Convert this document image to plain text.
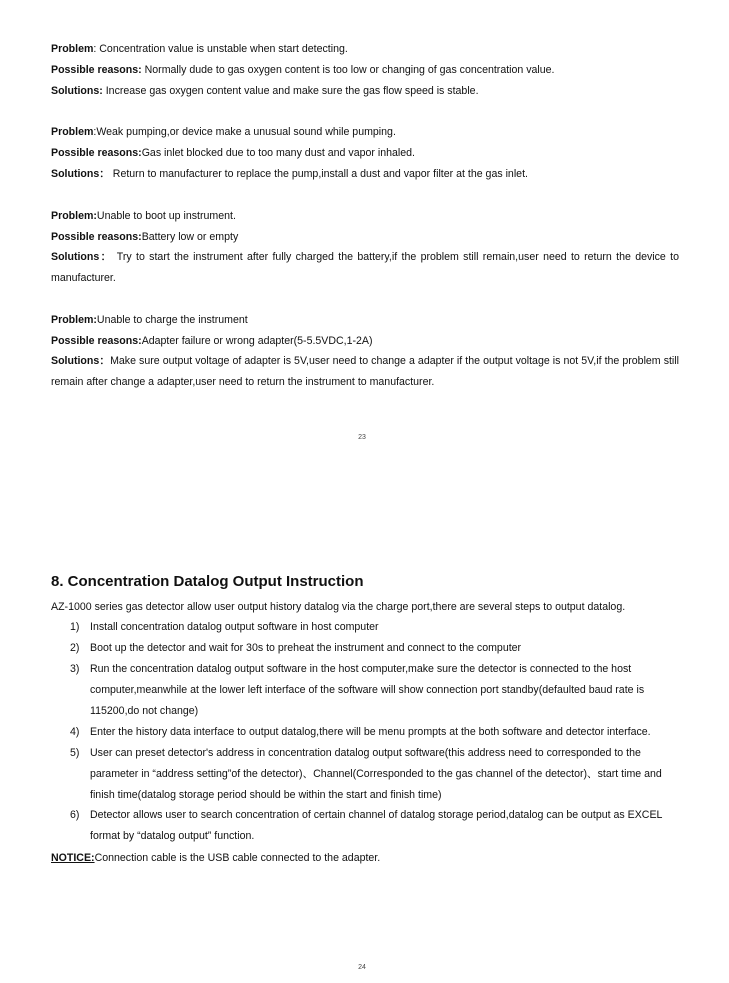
Problem: Concentration value is unstable when start detecting.
Possible reasons: Normally dude to gas oxygen content is too low or changing of gas concentration value.
Solutions: Increase gas oxygen content value and make sure the gas flow speed is stable.
Problem:Weak pumping,or device make a unusual sound while pumping.
Possible reasons:Gas inlet blocked due to too many dust and vapor inhaled.
Solutions： Return to manufacturer to replace the pump,install a dust and vapor filter at the gas inlet.
Problem:Unable to boot up instrument.
Possible reasons:Battery low or empty
Solutions： Try to start the instrument after fully charged the battery,if the problem still remain,user need to return the device to manufacturer.
Problem:Unable to charge the instrument
Possible reasons:Adapter failure or wrong adapter(5-5.5VDC,1-2A)
Solutions：Make sure output voltage of adapter is 5V,user need to change a adapter if the output voltage is not 5V,if the problem still remain after change a adapter,user need to return the instrument to manufacturer.
23
8. Concentration Datalog Output Instruction
AZ-1000 series gas detector allow user output history datalog via the charge port,there are several steps to output datalog.
1) Install concentration datalog output software in host computer
2) Boot up the detector and wait for 30s to preheat the instrument and connect to the computer
3) Run the concentration datalog output software in the host computer,make sure the detector is connected to the host computer,meanwhile at the lower left interface of the software will show connection port standby(defaulted baud rate is 115200,do not change)
4) Enter the history data interface to output datalog,there will be menu prompts at the both software and detector interface.
5) User can preset detector's address in concentration datalog output software(this address need to corresponded to the parameter in “address setting”of the detector)、Channel(Corresponded to the gas channel of the detector)、start time and finish time(datalog storage period should be within the start and finish time)
6) Detector allows user to search concentration of certain channel of datalog storage period,datalog can be output as EXCEL format by “datalog output” function.
NOTICE:Connection cable is the USB cable connected to the adapter.
24
